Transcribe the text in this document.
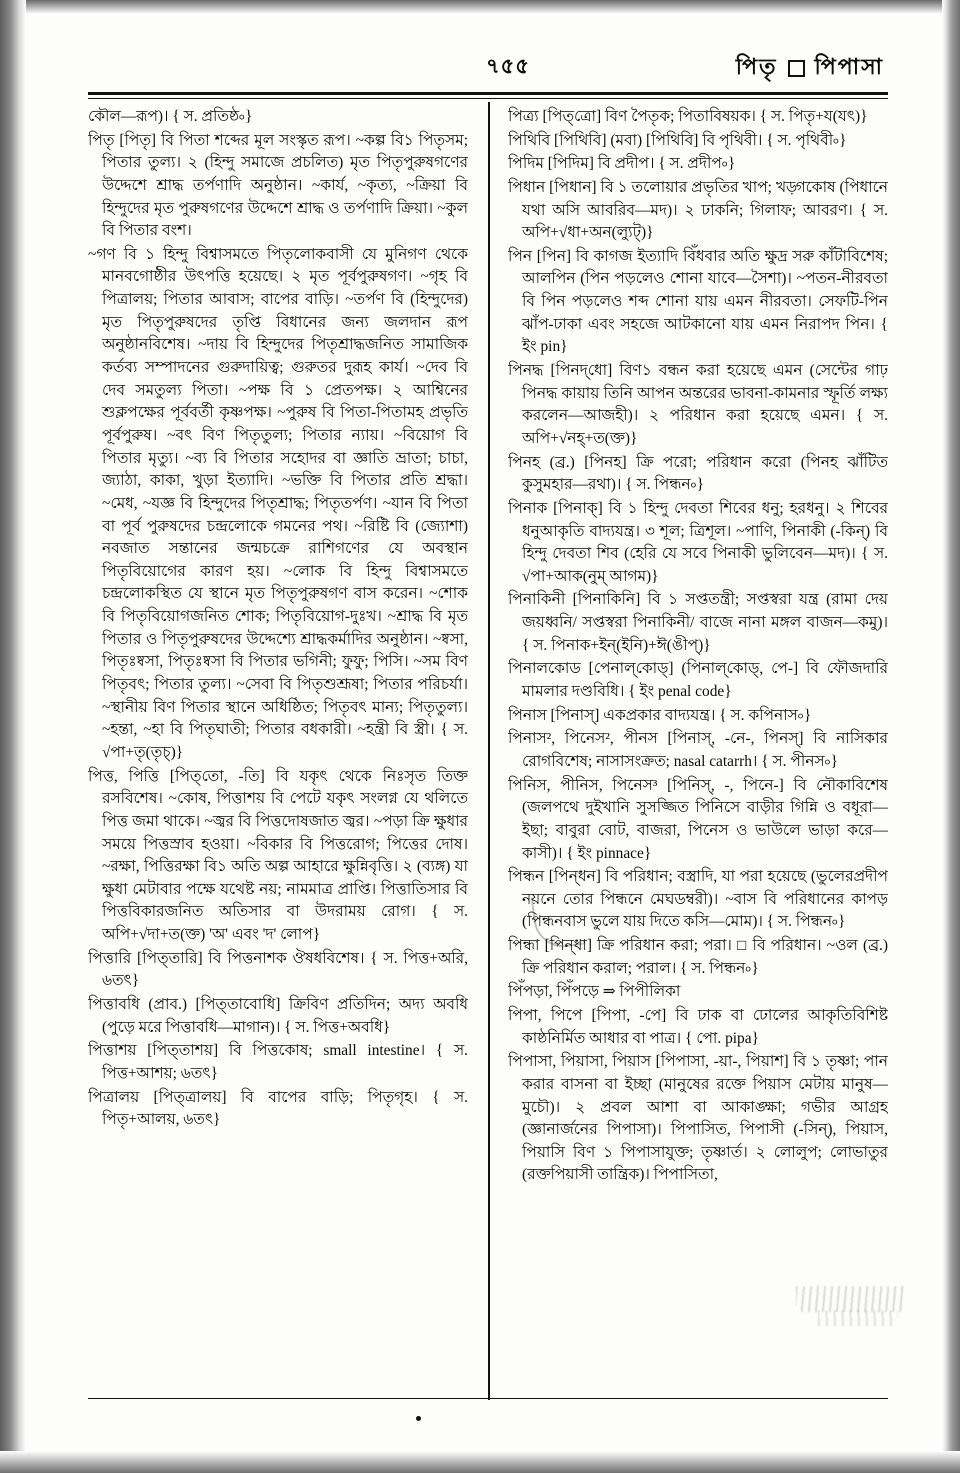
৭৫৫	পিতৃ পিপাসা

কৌল—রূপ)। { স. প্রতিষ্ঠ৹}

পিতৃ [পিতৃ] বি পিতা শব্দের মূল সংস্কৃত রূপ। ~কল্প বি১ পিতৃসম; পিতার তুল্য। ২ (হিন্দু সমাজে প্রচলিত) মৃত পিতৃপুরুষগণের উদ্দেশে শ্রাদ্ধ তর্পণাদি অনুষ্ঠান। ~কার্য, ~কৃত্য, ~ক্রিয়া বি হিন্দুদের মৃত পুরুষগণের উদ্দেশে শ্রাদ্ধ ও তর্পণাদি ক্রিয়া। ~কুল বি পিতার বংশ।

~গণ বি ১ হিন্দু বিশ্বাসমতে পিতৃলোকবাসী যে মুনিগণ থেকে মানবগোষ্ঠীর উৎপত্তি হয়েছে। ২ মৃত পূর্বপুরুষগণ। ~গৃহ বি পিত্রালয়; পিতার আবাস; বাপের বাড়ি। ~তর্পণ বি (হিন্দুদের) মৃত পিতৃপুরুষদের তৃপ্তি বিধানের জন্য জলদান রূপ অনুষ্ঠানবিশেষ। ~দায় বি হিন্দুদের পিতৃশ্রাদ্ধজনিত সামাজিক কর্তব্য সম্পাদনের গুরুদায়িত্ব; গুরুতর দুরূহ কার্য। ~দেব বি দেব সমতুল্য পিতা। ~পক্ষ বি ১ প্রেতপক্ষ। ২ আশ্বিনের শুক্লপক্ষের পূর্ববর্তী কৃষ্ণপক্ষ। ~পুরুষ বি পিতা-পিতামহ প্রভৃতি পূর্বপুরুষ। ~বৎ বিণ পিতৃতুল্য; পিতার ন্যায়। ~বিয়োগ বি পিতার মৃত্যু। ~ব্য বি পিতার সহোদর বা জ্ঞাতি ভ্রাতা; চাচা, জ্যাঠা, কাকা, খুড়া ইত্যাদি। ~ভক্তি বি পিতার প্রতি শ্রদ্ধা। ~মেধ, ~যজ্ঞ বি হিন্দুদের পিতৃশ্রাদ্ধ; পিতৃতর্পণ। ~যান বি পিতা বা পূর্ব পুরুষদের চন্দ্রলোকে গমনের পথ। ~রিষ্টি বি (জ্যোশা) নবজাত সন্তানের জন্মচক্রে রাশিগণের যে অবস্থান পিতৃবিয়োগের কারণ হয়। ~লোক বি হিন্দু বিশ্বাসমতে চন্দ্রলোকস্থিত যে স্থানে মৃত পিতৃপুরুষগণ বাস করেন। ~শোক বি পিতৃবিয়োগজনিত শোক; পিতৃবিয়োগ-দুঃখ। ~শ্রাদ্ধ বি মৃত পিতার ও পিতৃপুরুষদের উদ্দেশ্যে শ্রাদ্ধকর্মাদির অনুষ্ঠান। ~ষ্বসা, পিতৃঃষ্বসা, পিতৃঃষ্বসা বি পিতার ভগিনী; ফুফু; পিসি। ~সম বিণ পিতৃবৎ; পিতার তুল্য। ~সেবা বি পিতৃশুশ্রূষা; পিতার পরিচর্যা। ~স্থানীয় বিণ পিতার স্থানে অধিষ্ঠিত; পিতৃবৎ মান্য; পিতৃতুল্য।~হন্তা, ~হা বি পিতৃঘাতী; পিতার বধকারী। ~হন্ত্রী বি স্ত্রী। { স. √পা+তৃ(তৃচ্)}

পিত্ত, পিত্তি [পিত্‌তো, -তি] বি যকৃৎ থেকে নিঃসৃত তিক্ত রসবিশেষ। ~কোষ, পিত্তাশয় বি পেটে যকৃৎ সংলগ্ন যে থলিতে পিত্ত জমা থাকে। ~জ্বর বি পিত্তদোষজাত জ্বর। ~পড়া ক্রি ক্ষুধার সময়ে পিত্তস্রাব হওয়া। ~বিকার বি পিত্তরোগ; পিত্তের দোষ। ~রক্ষা, পিত্তিরক্ষা বি১ অতি অল্প আহারে ক্ষুন্নিবৃত্তি। ২ (ব্যঙ্গ) যা ক্ষুধা মেটাবার পক্ষে যথেষ্ট নয়; নামমাত্র প্রাপ্তি। পিত্তাতিসার বি পিত্তবিকারজনিত অতিসার বা উদরাময় রোগ। { স. অপি+√দা+ত(ক্ত) 'অ' এবং 'দ' লোপ}

পিত্তারি [পিত্‌তারি] বি পিত্তনাশক ঔষধবিশেষ। { স. পিত্ত+অরি, ৬তৎ}

পিত্তাবধি (প্রাব.) [পিত্‌তাবোধি] ক্রিবিণ প্রতিদিন; অদ্য অবধি (পুড়ে মরে পিত্তাবধি—মাগান)। { স. পিত্ত+অবধি}

পিত্তাশয় [পিত্‌তাশয়] বি পিত্তকোষ; small intestine। { স. পিত্ত+আশয়; ৬তৎ}

পিত্রালয় [পিত্‌ত্রালয়] বি বাপের বাড়ি; পিতৃগৃহ। { স. পিতৃ+আলয়, ৬তৎ}

পিত্র্য [পিত্‌ত্রো] বিণ পৈতৃক; পিতাবিষয়ক। { স. পিতৃ+য(যৎ)}

পিথিবি [পিথিবি] (মবা) [পিথিবি] বি পৃথিবী। { স. পৃথিবী৹}

পিদিম [পিদিম] বি প্রদীপ। { স. প্রদীপ৹}

পিধান [পিধান] বি ১ তলোয়ার প্রভৃতির খাপ; খড়্গকোষ (পিধানে যথা অসি আবরিব—মদ)। ২ ঢাকনি; গিলাফ; আবরণ। { স. অপি+√ধা+অন(ল্যুট্)}

পিন [পিন] বি কাগজ ইত্যাদি বিঁধবার অতি ক্ষুদ্র সরু কাঁটাবিশেষ; আলপিন (পিন পড়লেও শোনা যাবে—সৈশা)। ~পতন-নীরবতা বি পিন পড়লেও শব্দ শোনা যায় এমন নীরবতা। সেফটি-পিন ঝাঁপ-ঢাকা এবং সহজে আটকানো যায় এমন নিরাপদ পিন। { ইং pin}

পিনদ্ধ [পিনদ্‌ধো] বিণ১ বন্ধন করা হয়েছে এমন (সেন্টের গাঢ় পিনদ্ধ কায়ায় তিনি আপন অন্তরের ভাবনা-কামনার স্ফূর্তি লক্ষ্য করলেন—আজহী)। ২ পরিধান করা হয়েছে এমন। { স. অপি+√নহ্+ত(ক্ত)}

পিনহ (ব্র.) [পিনহ] ক্রি পরো; পরিধান করো (পিনহ ঝাঁটিত কুসুমহার—রথা)। { স. পিন্ধন৹}

পিনাক [পিনাক্‌] বি ১ হিন্দু দেবতা শিবের ধনু; হরধনু। ২ শিবের ধনুআকৃতি বাদ্যযন্ত্র। ৩ শূল; ত্রিশূল। ~পাণি, পিনাকী (-কিন্) বি হিন্দু দেবতা শিব (হেরি যে সবে পিনাকী ভুলিবেন—মদ)। { স. √পা+আক(নুম্ আগম)}

পিনাকিনী [পিনাকিনি] বি ১ সপ্ততন্ত্রী; সপ্তস্বরা যন্ত্র (রামা দেয় জয়ধ্বনি/ সপ্তস্বরা পিনাকিনী/ বাজে নানা মঙ্গল বাজন—কমু)। { স. পিনাক+ইন্(ইনি)+ঈ(ঙীপ্)}

পিনালকোড [পেনাল্‌কোড্‌] (পিনাল্‌কোড্‌, পে-] বি ফৌজদারি মামলার দণ্ডবিধি। { ইং penal code}

পিনাস [পিনাস্‌] একপ্রকার বাদ্যযন্ত্র। { স. কপিনাস৹}

পিনাস², পিনেস², পীনস [পিনাস্‌, -নে-, পিনস্‌] বি নাসিকার রোগবিশেষ; নাসাসংক্রত; nasal catarrh। { স. পীনস৹}

পিনিস, পীনিস, পিনেস³ [পিনিস্‌, -, পিনে-] বি নৌকাবিশেষ (জলপথে দুইখানি সুসজ্জিত পিনিসে বাড়ীর গিন্নি ও বধূরা—ইছা; বাবুরা বোট, বাজরা, পিনেস ও ভাউলে ভাড়া করে—কাসী)। { ইং pinnace}

পিন্ধন [পিন্‌ধন] বি পরিধান; বস্ত্রাদি, যা পরা হয়েছে (ভুলেরপ্রদীপ নয়নে তোর পিন্ধনে মেঘডম্বরী)। ~বাস বি পরিধানের কাপড় (পিন্ধনবাস ভুলে যায় দিতে কসি—মোম)। { স. পিন্ধন৹}

পিন্ধা [পিন্‌ধা] ক্রি পরিধান করা; পরা। □ বি পরিধান। ~ওল (ব্র.) ক্রি পরিধান করাল; পরাল। { স. পিন্ধন৹}

পিঁপড়া, পিঁপড়ে ⇒ পিপীলিকা

পিপা, পিপে [পিপা, -পে] বি ঢাক বা ঢোলের আকৃতিবিশিষ্ট কাষ্ঠনির্মিত আধার বা পাত্র। { পো. pipa}

পিপাসা, পিয়াসা, পিয়াস [পিপাসা, -য়া-, পিয়াশ] বি ১ তৃষ্ণা; পান করার বাসনা বা ইচ্ছা (মানুষের রক্তে পিয়াস মেটায় মানুষ—মুচৌ)। ২ প্রবল আশা বা আকাঙ্ক্ষা; গভীর আগ্রহ (জ্ঞানার্জনের পিপাসা)। পিপাসিত, পিপাসী (-সিন্), পিয়াস, পিয়াসি বিণ ১ পিপাসাযুক্ত; তৃষ্ণার্ত। ২ লোলুপ; লোভাতুর (রক্তপিয়াসী তান্ত্রিক)। পিপাসিতা,
